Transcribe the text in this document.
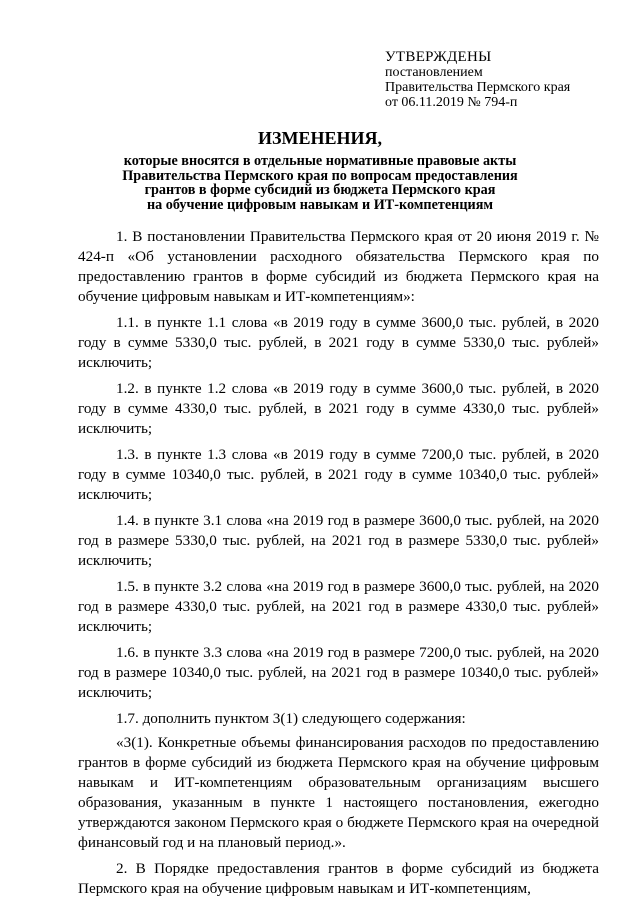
УТВЕРЖДЕНЫ
постановлением
Правительства Пермского края
от 06.11.2019 № 794-п
ИЗМЕНЕНИЯ,
которые вносятся в отдельные нормативные правовые акты
Правительства Пермского края по вопросам предоставления
грантов в форме субсидий из бюджета Пермского края
на обучение цифровым навыкам и ИТ-компетенциям

1. В постановлении Правительства Пермского края от 20 июня 2019 г. № 424-п «Об установлении расходного обязательства Пермского края по предоставлению грантов в форме субсидий из бюджета Пермского края на обучение цифровым навыкам и ИТ-компетенциям»:

1.1. в пункте 1.1 слова «в 2019 году в сумме 3600,0 тыс. рублей, в 2020 году в сумме 5330,0 тыс. рублей, в 2021 году в сумме 5330,0 тыс. рублей» исключить;

1.2. в пункте 1.2 слова «в 2019 году в сумме 3600,0 тыс. рублей, в 2020 году в сумме 4330,0 тыс. рублей, в 2021 году в сумме 4330,0 тыс. рублей» исключить;

1.3. в пункте 1.3 слова «в 2019 году в сумме 7200,0 тыс. рублей, в 2020 году в сумме 10340,0 тыс. рублей, в 2021 году в сумме 10340,0 тыс. рублей» исключить;

1.4. в пункте 3.1 слова «на 2019 год в размере 3600,0 тыс. рублей, на 2020 год в размере 5330,0 тыс. рублей, на 2021 год в размере 5330,0 тыс. рублей» исключить;

1.5. в пункте 3.2 слова «на 2019 год в размере 3600,0 тыс. рублей, на 2020 год в размере 4330,0 тыс. рублей, на 2021 год в размере 4330,0 тыс. рублей» исключить;

1.6. в пункте 3.3 слова «на 2019 год в размере 7200,0 тыс. рублей, на 2020 год в размере 10340,0 тыс. рублей, на 2021 год в размере 10340,0 тыс. рублей» исключить;

1.7. дополнить пунктом 3(1) следующего содержания:

«3(1). Конкретные объемы финансирования расходов по предоставлению грантов в форме субсидий из бюджета Пермского края на обучение цифровым навыкам и ИТ-компетенциям образовательным организациям высшего образования, указанным в пункте 1 настоящего постановления, ежегодно утверждаются законом Пермского края о бюджете Пермского края на очередной финансовый год и на плановый период.».

2. В Порядке предоставления грантов в форме субсидий из бюджета Пермского края на обучение цифровым навыкам и ИТ-компетенциям,
